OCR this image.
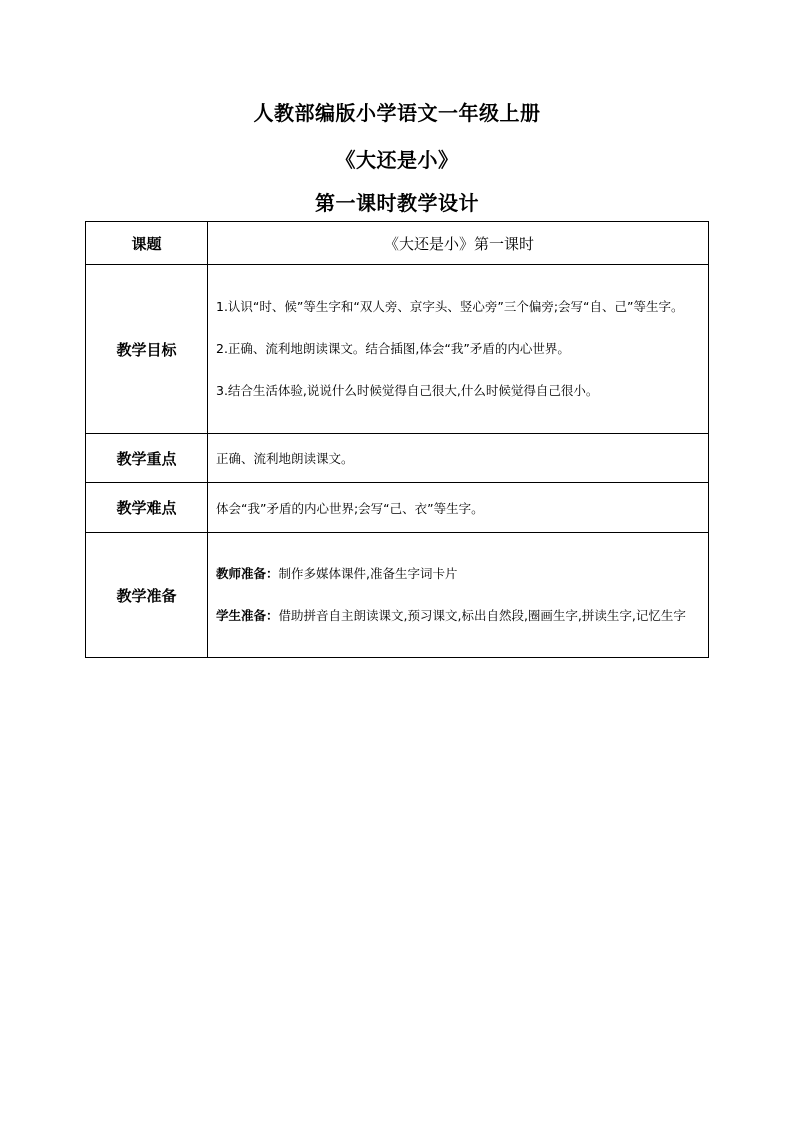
人教部编版小学语文一年级上册
《大还是小》
第一课时教学设计
课题	《大还是小》第一课时
教学目标	1.认识“时、候”等生字和“双人旁、京字头、竖心旁”三个偏旁;会写“自、己”等生字。

2.正确、流利地朗读课文。结合插图,体会“我”矛盾的内心世界。

3.结合生活体验,说说什么时候觉得自己很大,什么时候觉得自己很小。

教学重点	正确、流利地朗读课文。
教学难点	体会“我”矛盾的内心世界;会写“己、衣”等生字。
教学准备	教师准备：制作多媒体课件,准备生字词卡片

学生准备：借助拼音自主朗读课文,预习课文,标出自然段,圈画生字,拼读生字,记忆生字
